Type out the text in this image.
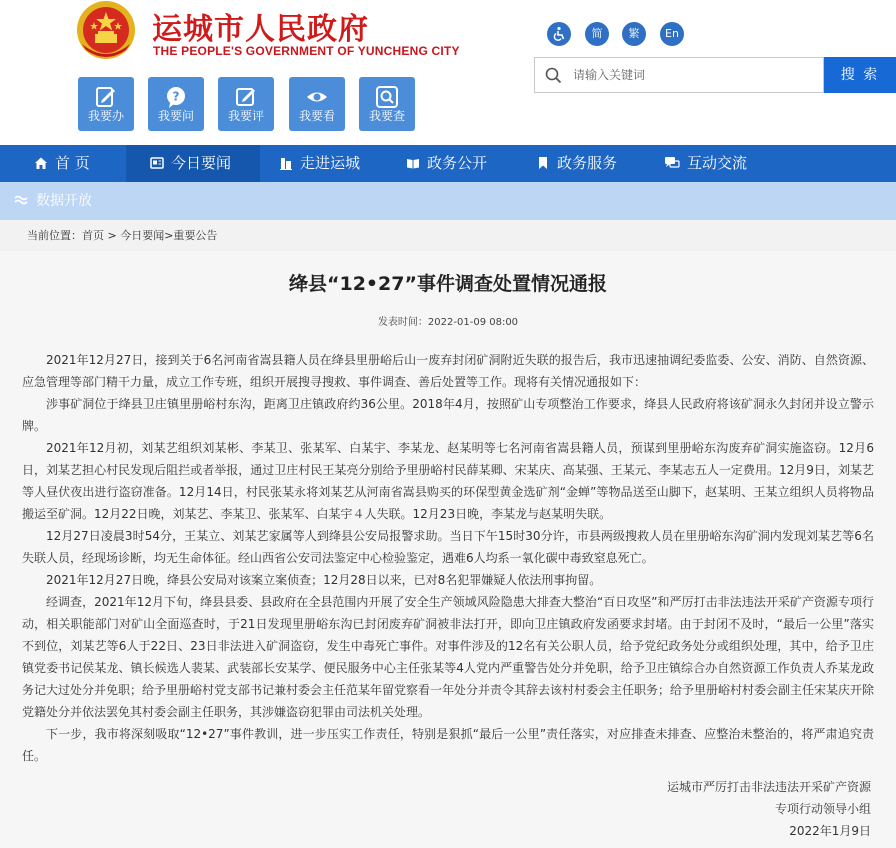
运城市人民政府
THE PEOPLE'S GOVERNMENT OF YUNCHENG CITY
我要办
?
我要问	我要评	我要看	我要查
简	繁	En
请输入关键词
搜 索
首 页	今日要闻	走进运城	政务公开	政务服务	互动交流
数据开放
当前位置：首页 > 今日要闻>重要公告
绛县“12•27”事件调查处置情况通报
发表时间：2022-01-09 08:00

2021年12月27日，接到关于6名河南省嵩县籍人员在绛县里册峪后山一废弃封闭矿洞附近失联的报告后，我市迅速抽调纪委监委、公安、消防、自然资源、应急管理等部门精干力量，成立工作专班，组织开展搜寻搜救、事件调查、善后处置等工作。现将有关情况通报如下：

涉事矿洞位于绛县卫庄镇里册峪村东沟，距离卫庄镇政府约36公里。2018年4月，按照矿山专项整治工作要求，绛县人民政府将该矿洞永久封闭并设立警示牌。

2021年12月初，刘某艺组织刘某彬、李某卫、张某军、白某宇、李某龙、赵某明等七名河南省嵩县籍人员，预谋到里册峪东沟废弃矿洞实施盗窃。12月6日，刘某艺担心村民发现后阻拦或者举报，通过卫庄村民王某亮分别给予里册峪村民薛某卿、宋某庆、高某强、王某元、李某志五人一定费用。12月9日，刘某艺等人昼伏夜出进行盗窃准备。12月14日，村民张某永将刘某艺从河南省嵩县购买的环保型黄金选矿剂“金蝉”等物品送至山脚下，赵某明、王某立组织人员将物品搬运至矿洞。12月22日晚，刘某艺、李某卫、张某军、白某宇４人失联。12月23日晚，李某龙与赵某明失联。

12月27日凌晨3时54分，王某立、刘某艺家属等人到绛县公安局报警求助。当日下午15时30分许，市县两级搜救人员在里册峪东沟矿洞内发现刘某艺等6名失联人员，经现场诊断，均无生命体征。经山西省公安司法鉴定中心检验鉴定，遇难6人均系一氧化碳中毒致窒息死亡。

2021年12月27日晚，绛县公安局对该案立案侦查；12月28日以来，已对8名犯罪嫌疑人依法刑事拘留。

经调查，2021年12月下旬，绛县县委、县政府在全县范围内开展了安全生产领域风险隐患大排查大整治“百日攻坚”和严厉打击非法违法开采矿产资源专项行动，相关职能部门对矿山全面巡查时，于21日发现里册峪东沟已封闭废弃矿洞被非法打开，即向卫庄镇政府发函要求封堵。由于封闭不及时，“最后一公里”落实不到位，刘某艺等6人于22日、23日非法进入矿洞盗窃，发生中毒死亡事件。对事件涉及的12名有关公职人员，给予党纪政务处分或组织处理，其中，给予卫庄镇党委书记侯某龙、镇长候选人裴某、武装部长安某学、便民服务中心主任张某等4人党内严重警告处分并免职，给予卫庄镇综合办自然资源工作负责人乔某龙政务记大过处分并免职；给予里册峪村党支部书记兼村委会主任范某年留党察看一年处分并责令其辞去该村村委会主任职务；给予里册峪村村委会副主任宋某庆开除党籍处分并依法罢免其村委会副主任职务，其涉嫌盗窃犯罪由司法机关处理。

下一步，我市将深刻吸取“12•27”事件教训，进一步压实工作责任，特别是狠抓“最后一公里”责任落实，对应排查未排查、应整治未整治的，将严肃追究责任。

运城市严厉打击非法违法开采矿产资源
专项行动领导小组
2022年1月9日
